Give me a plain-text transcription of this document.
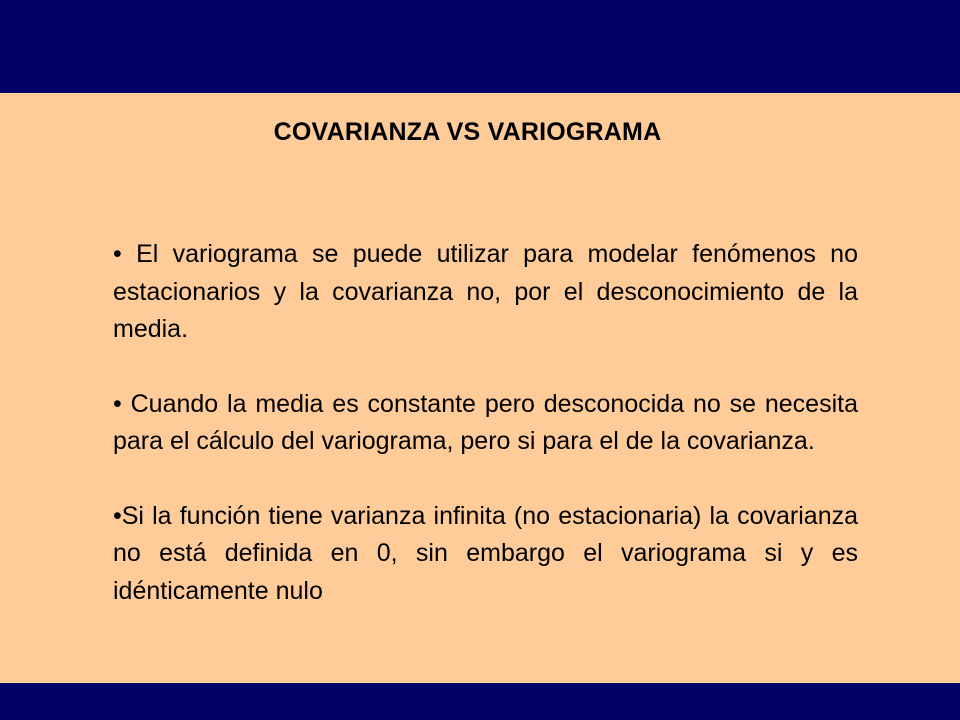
COVARIANZA VS VARIOGRAMA
• El variograma se puede utilizar para modelar fenómenos no estacionarios y la covarianza no, por el desconocimiento de la media.
• Cuando la media es constante pero desconocida no se necesita para el cálculo del variograma, pero si para el de la covarianza.
•Si la función tiene varianza infinita (no estacionaria) la covarianza no está definida en 0, sin embargo el variograma si y es idénticamente nulo
